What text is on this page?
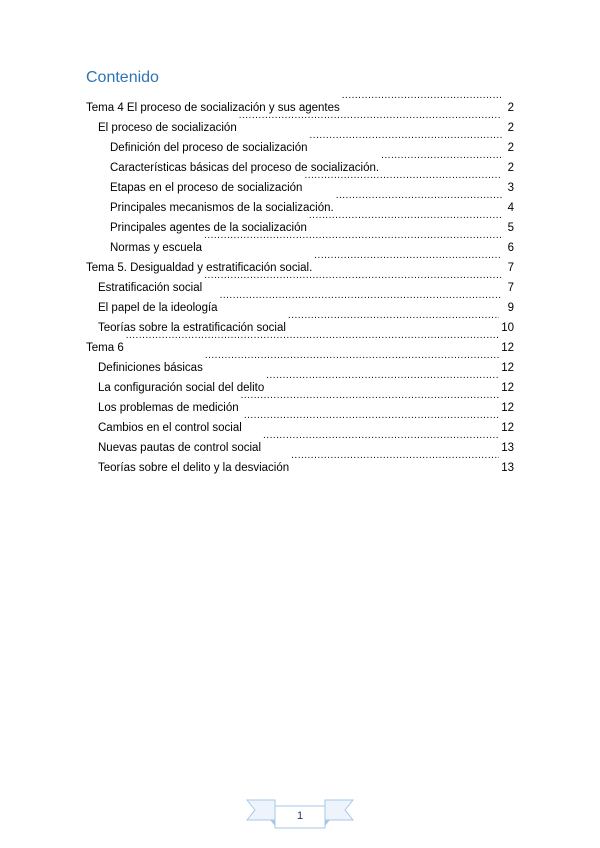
Contenido
Tema 4 El proceso de socialización y sus agentes .....	2
El proceso de socialización .....	2
Definición del proceso de socialización .....	2
Características básicas del proceso de socialización. .....	2
Etapas en el proceso de socialización .....	3
Principales mecanismos de la socialización. .....	4
Principales agentes de la socialización .....	5
Normas y escuela .....	6
Tema 5. Desigualdad y estratificación social. .....	7
Estratificación social .....	7
El papel de la ideología .....	9
Teorías sobre la estratificación social .....	10
Tema 6 .....	12
Definiciones básicas .....	12
La configuración social del delito .....	12
Los problemas de medición .....	12
Cambios en el control social .....	12
Nuevas pautas de control social .....	13
Teorías sobre el delito y la desviación .....	13
1
